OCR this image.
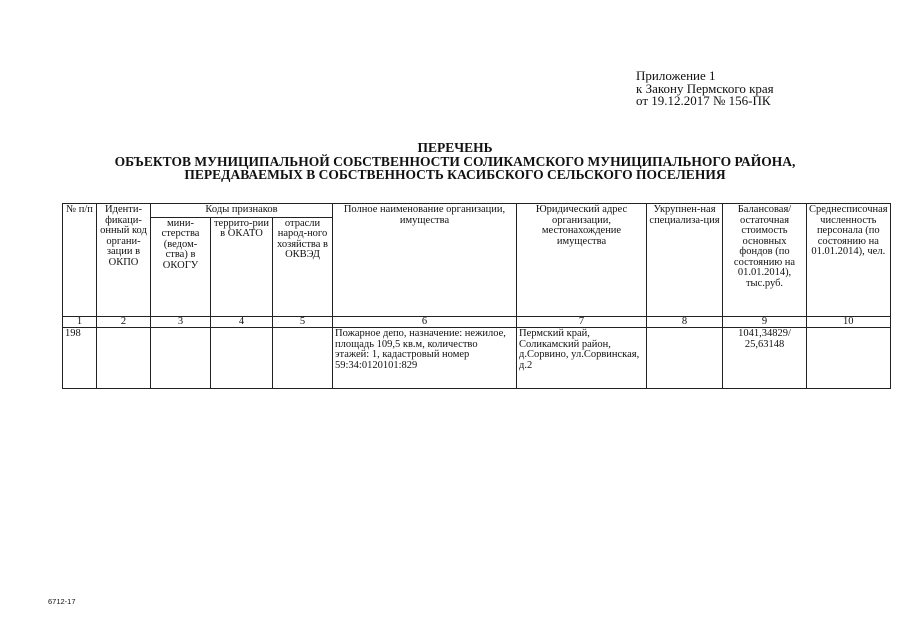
Приложение 1
к Закону Пермского края
от 19.12.2017 № 156-ПК
ПЕРЕЧЕНЬ
ОБЪЕКТОВ МУНИЦИПАЛЬНОЙ СОБСТВЕННОСТИ СОЛИКАМСКОГО МУНИЦИПАЛЬНОГО РАЙОНА,
ПЕРЕДАВАЕМЫХ В СОБСТВЕННОСТЬ КАСИБСКОГО СЕЛЬСКОГО ПОСЕЛЕНИЯ
№ п/п	Иденти-фикаци-онный код органи-зации в ОКПО	Коды признаков			Полное наименование организации, имущества	Юридический адрес организации, местонахождение имущества	Укрупнен-ная специализа-ция	Балансовая/ остаточная стоимость основных фондов (по состоянию на 01.01.2014), тыс.руб.	Среднесписочная численность персонала (по состоянию на 01.01.2014), чел.
		мини-стерства (ведом-ства) в ОКОГУ	террито-рии в ОКАТО	отрасли народ-ного хозяйства в ОКВЭД					
1	2	3	4	5	6	7	8	9	10
198					Пожарное депо, назначение: нежилое, площадь 109,5 кв.м, количество этажей: 1, кадастровый номер 59:34:0120101:829	Пермский край, Соликамский район, д.Сорвино, ул.Сорвинская, д.2		1041,34829/ 25,63148	
6712-17
